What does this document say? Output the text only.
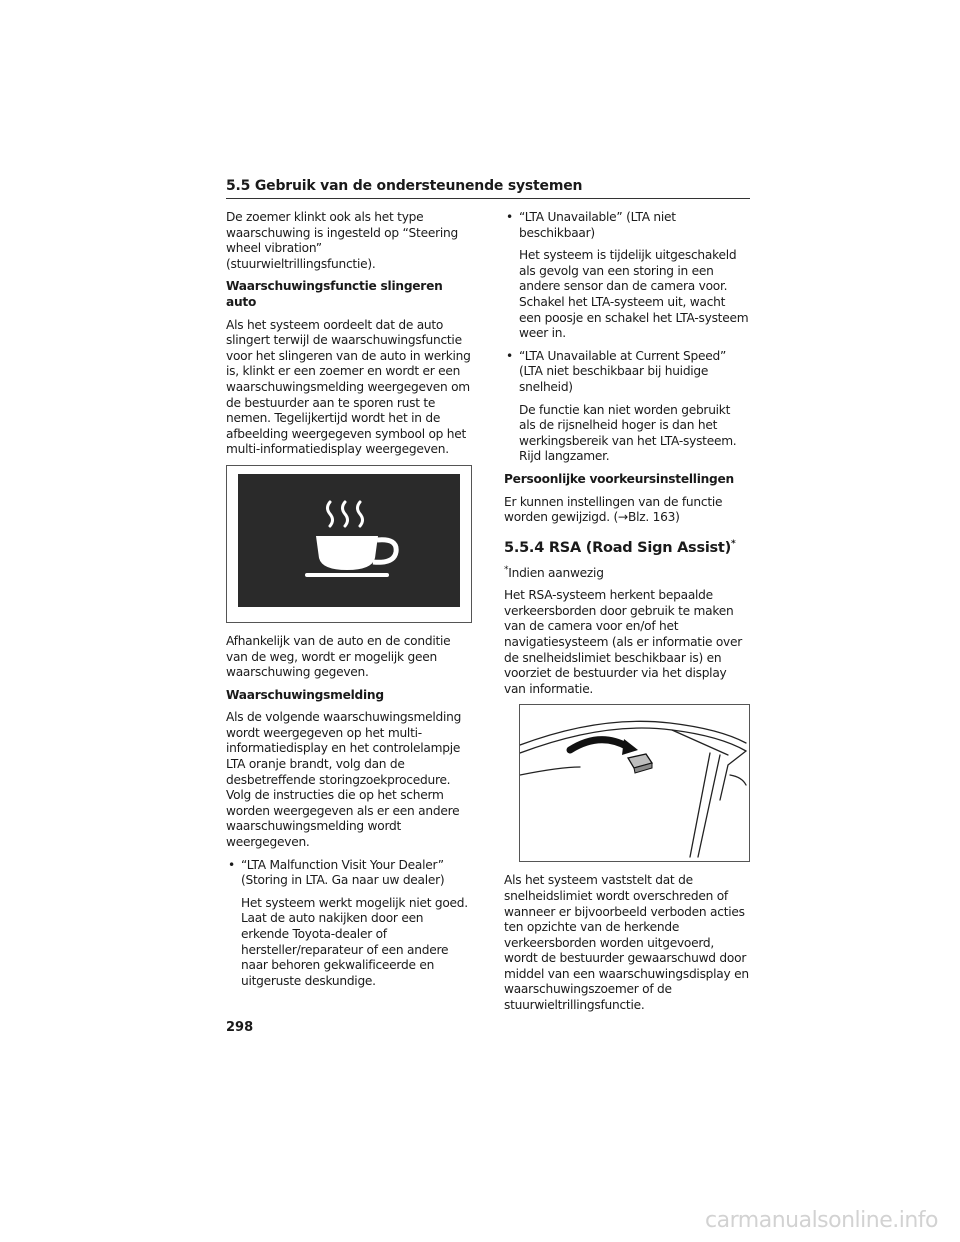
5.5 Gebruik van de ondersteunende systemen

De zoemer klinkt ook als het type waarschuwing is ingesteld op “Steering wheel vibration” (stuurwieltrillingsfunctie).

Waarschuwingsfunctie slingeren auto

Als het systeem oordeelt dat de auto slingert terwijl de waarschuwingsfunctie voor het slingeren van de auto in werking is, klinkt er een zoemer en wordt er een waarschuwingsmelding weergegeven om de bestuurder aan te sporen rust te nemen. Tegelijkertijd wordt het in de afbeelding weergegeven symbool op het multi-informatiedisplay weergegeven.

Afhankelijk van de auto en de conditie van de weg, wordt er mogelijk geen waarschuwing gegeven.

Waarschuwingsmelding

Als de volgende waarschuwingsmelding wordt weergegeven op het multi-informatiedisplay en het controlelampje LTA oranje brandt, volg dan de desbetreffende storingzoekprocedure. Volg de instructies die op het scherm worden weergegeven als er een andere waarschuwingsmelding wordt weergegeven.

• “LTA Malfunction Visit Your Dealer” (Storing in LTA. Ga naar uw dealer)
Het systeem werkt mogelijk niet goed. Laat de auto nakijken door een erkende Toyota-dealer of hersteller/reparateur of een andere naar behoren gekwalificeerde en uitgeruste deskundige.
• “LTA Unavailable” (LTA niet beschikbaar)
Het systeem is tijdelijk uitgeschakeld als gevolg van een storing in een andere sensor dan de camera voor. Schakel het LTA-systeem uit, wacht een poosje en schakel het LTA-systeem weer in.
• “LTA Unavailable at Current Speed” (LTA niet beschikbaar bij huidige snelheid)
De functie kan niet worden gebruikt als de rijsnelheid hoger is dan het werkingsbereik van het LTA-systeem. Rijd langzamer.

Persoonlijke voorkeursinstellingen

Er kunnen instellingen van de functie worden gewijzigd. (→Blz. 163)

5.5.4 RSA (Road Sign Assist)*

*Indien aanwezig

Het RSA-systeem herkent bepaalde verkeersborden door gebruik te maken van de camera voor en/of het navigatiesysteem (als er informatie over de snelheidslimiet beschikbaar is) en voorziet de bestuurder via het display van informatie.

Als het systeem vaststelt dat de snelheidslimiet wordt overschreden of wanneer er bijvoorbeeld verboden acties ten opzichte van de herkende verkeersborden worden uitgevoerd, wordt de bestuurder gewaarschuwd door middel van een waarschuwingsdisplay en waarschuwingszoemer of de stuurwieltrillingsfunctie.

298
carmanualsonline.info
